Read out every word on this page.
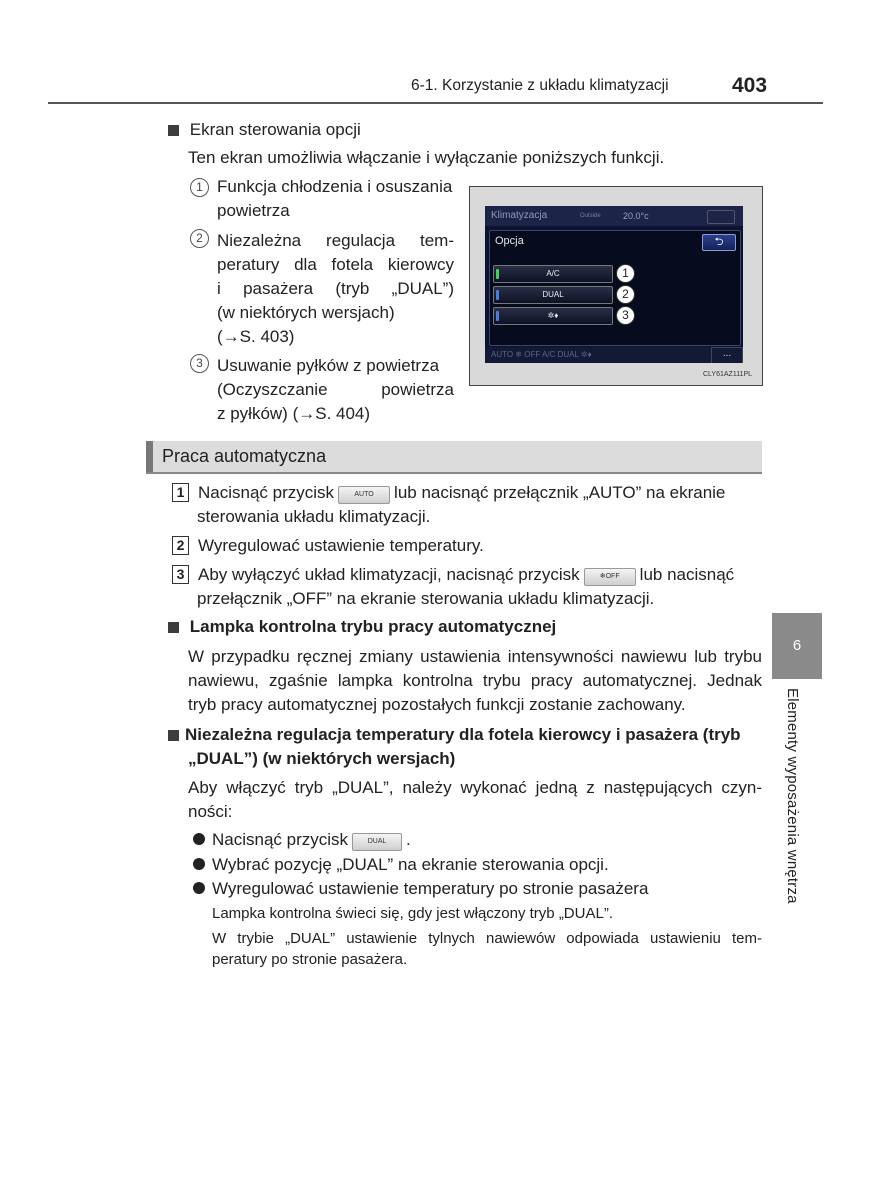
6-1. Korzystanie z układu klimatyzacji	403
Ekran sterowania opcji
Ten ekran umożliwia włączanie i wyłączanie poniższych funkcji.
1 Funkcja chłodzenia i osuszania
powietrza
2 Niezależna regulacja tem-
peratury dla fotela kierowcy
i pasażera (tryb „DUAL”)
(w niektórych wersjach)
(→S. 403)
3 Usuwanie pyłków z powietrza
(Oczyszczanie powietrza
z pyłków) (→S. 404)
Klimatyzacja	Outside 20.0°c
Opcja	⮌
A/C
DUAL
✲♦
1
2
3
AUTO ❄ OFF A/C DUAL ✲♦	...
CLY61AZ111PL
Praca automatyczna
1 Nacisnąć przycisk	AUTO lub nacisnąć przełącznik „AUTO” na ekranie
sterowania układu klimatyzacji.
2 Wyregulować ustawienie temperatury.
3 Aby wyłączyć układ klimatyzacji, nacisnąć przycisk	❄OFF lub nacisnąć
przełącznik „OFF” na ekranie sterowania układu klimatyzacji.
Lampka kontrolna trybu pracy automatycznej
W przypadku ręcznej zmiany ustawienia intensywności nawiewu lub trybu
nawiewu, zgaśnie lampka kontrolna trybu pracy automatycznej. Jednak
tryb pracy automatycznej pozostałych funkcji zostanie zachowany.
Niezależna regulacja temperatury dla fotela kierowcy i pasażera (tryb
„DUAL”) (w niektórych wersjach)
Aby włączyć tryb „DUAL”, należy wykonać jedną z następujących czyn-
ności:
Nacisnąć przycisk	DUAL .
Wybrać pozycję „DUAL” na ekranie sterowania opcji.
Wyregulować ustawienie temperatury po stronie pasażera
Lampka kontrolna świeci się, gdy jest włączony tryb „DUAL”.
W trybie „DUAL” ustawienie tylnych nawiewów odpowiada ustawieniu tem-
peratury po stronie pasażera.
6
Elementy wyposażenia wnętrza
